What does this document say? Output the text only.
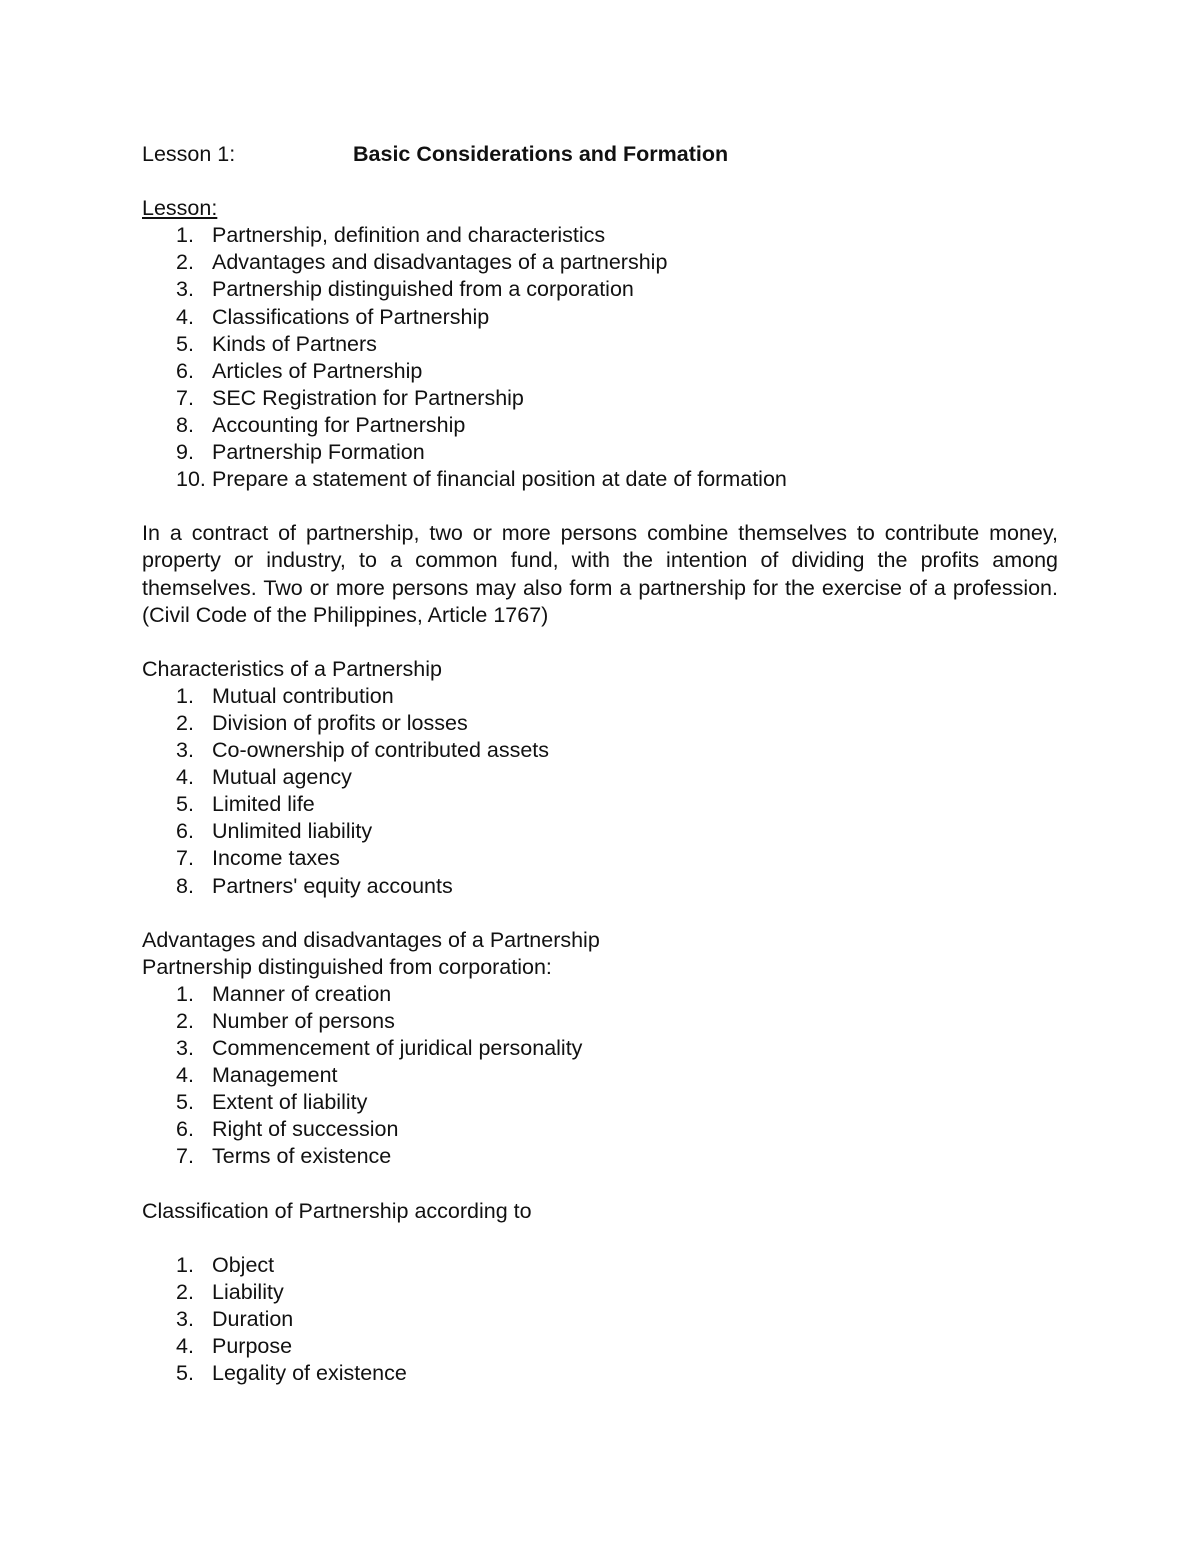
Lesson 1:	Basic Considerations and Formation
Lesson:
1. Partnership, definition and characteristics
2. Advantages and disadvantages of a partnership
3. Partnership distinguished from a corporation
4. Classifications of Partnership
5. Kinds of Partners
6. Articles of Partnership
7. SEC Registration for Partnership
8. Accounting for Partnership
9. Partnership Formation
10. Prepare a statement of financial position at date of formation

In a contract of partnership, two or more persons combine themselves to contribute money, property or industry, to a common fund, with the intention of dividing the profits among themselves. Two or more persons may also form a partnership for the exercise of a profession. (Civil Code of the Philippines, Article 1767)

Characteristics of a Partnership
1. Mutual contribution
2. Division of profits or losses
3. Co-ownership of contributed assets
4. Mutual agency
5. Limited life
6. Unlimited liability
7. Income taxes
8. Partners' equity accounts
Advantages and disadvantages of a Partnership
Partnership distinguished from corporation:
1. Manner of creation
2. Number of persons
3. Commencement of juridical personality
4. Management
5. Extent of liability
6. Right of succession
7. Terms of existence
Classification of Partnership according to
1. Object
2. Liability
3. Duration
4. Purpose
5. Legality of existence
